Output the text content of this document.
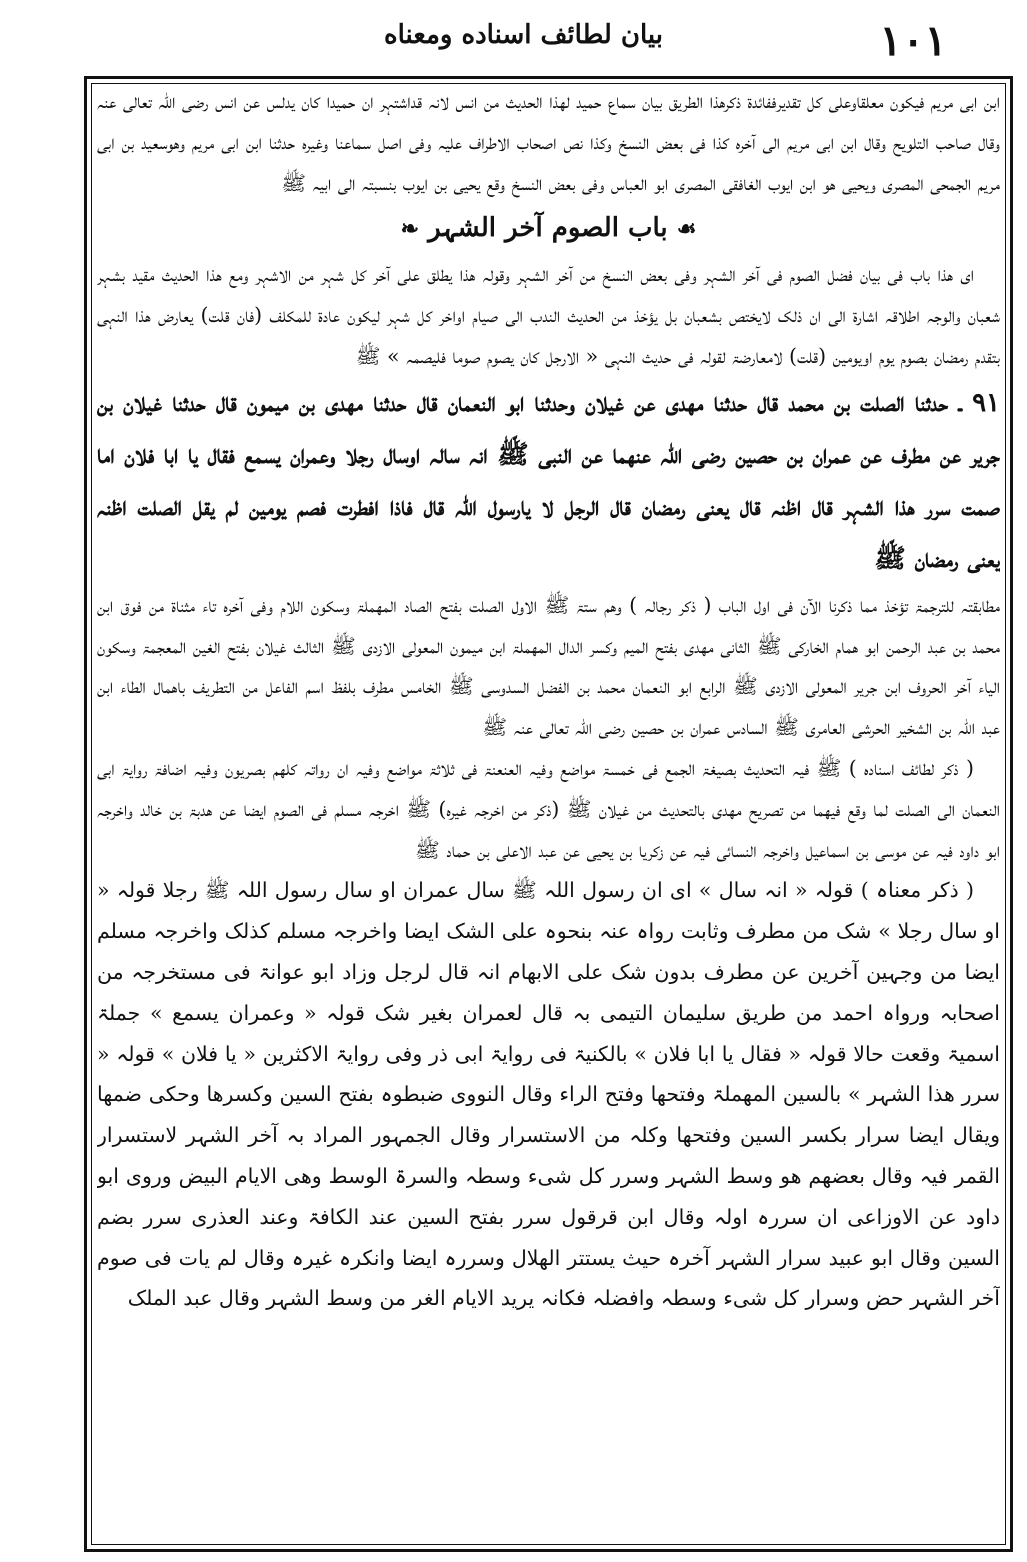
١٠١
بيان لطائف اسناده ومعناه

ابن ابی مریم فیکون معلقاوعلی کل تقدیرففائدۃ ذکرھذا الطریق بیان سماع حمید لھذا الحدیث من انس لانہ قداشتہر ان حمیدا کان یدلس عن انس رضی اللہ تعالی عنہ وقال صاحب التلویح وقال ابن ابی مریم الی آخرہ کذا فی بعض النسخ وکذا نص اصحاب الاطراف علیہ وفی اصل سماعنا وغیرہ حدثنا ابن ابی مریم وھوسعید بن ابی مریم الجمحی المصری ویحیی ھو ابن ایوب الغافقی المصری ابو العباس وفی بعض النسخ وقع یحیی بن ایوب بنسبتہ الی ابیہ ﷺ

☙ باب الصوم آخر الشہر ❧

ای ھذا باب فی بیان فضل الصوم فی آخر الشہر وفی بعض النسخ من آخر الشہر وقولہ ھذا یطلق علی آخر کل شہر من الاشہر ومع ھذا الحدیث مقید بشہر شعبان والوجہ اطلاقہ اشارۃ الی ان ذلک لایختص بشعبان بل یؤخذ من الحدیث الندب الی صیام اواخر کل شہر لیکون عادۃ للمکلف (فان قلت) یعارض ھذا النہی بتقدم رمضان بصوم یوم اویومین (قلت) لامعارضۃ لقولہ فی حدیث النہی « الارجل کان یصوم صوما فلیصمہ » ﷺ

٩١ ـ حدثنا الصلت بن محمد قال حدثنا مھدی عن غیلان وحدثنا ابو النعمان قال حدثنا مھدی بن میمون قال حدثنا غیلان بن جریر عن مطرف عن عمران بن حصین رضی اللہ عنھما عن النبی ﷺ انہ سالہ اوسال رجلا وعمران یسمع فقال یا ابا فلان اما صمت سرر ھذا الشہر قال اظنہ قال یعنی رمضان قال الرجل لا یارسول اللہ قال فاذا افطرت فصم یومین لم یقل الصلت اظنہ یعنی رمضان ﷺ

مطابقتہ للترجمۃ تؤخذ مما ذکرنا الآن فی اول الباب ( ذکر رجالہ ) وھم ستۃ ﷺ الاول الصلت بفتح الصاد المھملۃ وسکون اللام وفی آخرہ تاء مثناۃ من فوق ابن محمد بن عبد الرحمن ابو ھمام الخارکی ﷺ الثانی مھدی بفتح المیم وکسر الدال المھملۃ ابن میمون المعولی الازدی ﷺ الثالث غیلان بفتح الغین المعجمۃ وسکون الیاء آخر الحروف ابن جریر المعولی الازدی ﷺ الرابع ابو النعمان محمد بن الفضل السدوسی ﷺ الخامس مطرف بلفظ اسم الفاعل من التطریف باھمال الطاء ابن عبد اللہ بن الشخیر الحرشی العامری ﷺ السادس عمران بن حصین رضی اللہ تعالی عنہ ﷺ

( ذکر لطائف اسنادہ ) ﷺ فیہ التحدیث بصیغۃ الجمع فی خمسۃ مواضع وفیہ العنعنۃ فی ثلاثۃ مواضع وفیہ ان رواتہ کلھم بصریون وفیہ اضافۃ روایۃ ابی النعمان الی الصلت لما وقع فیھما من تصریح مھدی بالتحدیث من غیلان ﷺ (ذکر من اخرجہ غیرہ) ﷺ اخرجہ مسلم فی الصوم ایضا عن ھدبۃ بن خالد واخرجہ ابو داود فیہ عن موسی بن اسماعیل واخرجہ النسائی فیہ عن زکریا بن یحیی عن عبد الاعلی بن حماد ﷺ

( ذکر معناہ ) قولہ « انہ سال » ای ان رسول اللہ ﷺ سال عمران او سال رسول اللہ ﷺ رجلا قولہ « او سال رجلا » شک من مطرف وثابت رواہ عنہ بنحوہ علی الشک ایضا واخرجہ مسلم کذلک واخرجہ مسلم ایضا من وجہین آخرین عن مطرف بدون شک علی الابھام انہ قال لرجل وزاد ابو عوانۃ فی مستخرجہ من اصحابہ ورواہ احمد من طریق سلیمان التیمی بہ قال لعمران بغیر شک قولہ « وعمران یسمع » جملۃ اسمیۃ وقعت حالا قولہ « فقال یا ابا فلان » بالکنیۃ فی روایۃ ابی ذر وفی روایۃ الاکثرین « یا فلان » قولہ « سرر ھذا الشہر » بالسین المھملۃ وفتحھا وفتح الراء وقال النووی ضبطوہ بفتح السین وکسرھا وحکی ضمھا ویقال ایضا سرار بکسر السین وفتحھا وکلہ من الاستسرار وقال الجمہور المراد بہ آخر الشہر لاستسرار القمر فیہ وقال بعضھم ھو وسط الشہر وسرر کل شیء وسطہ والسرۃ الوسط وھی الایام البیض وروی ابو داود عن الاوزاعی ان سررہ اولہ وقال ابن قرقول سرر بفتح السین عند الکافۃ وعند العذری سرر بضم السین وقال ابو عبید سرار الشہر آخرہ حیث یستتر الھلال وسررہ ایضا وانکرہ غیرہ وقال لم یات فی صوم آخر الشہر حض وسرار کل شیء وسطہ وافضلہ فکانہ یرید الایام الغر من وسط الشہر وقال عبد الملک
